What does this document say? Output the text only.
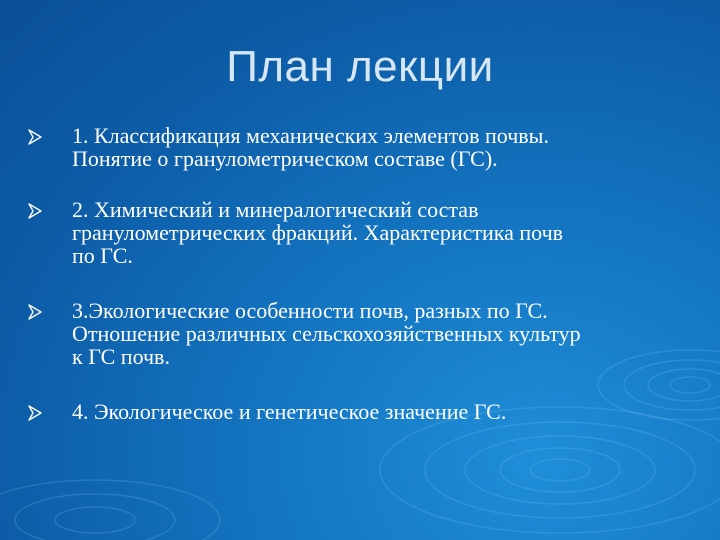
План лекции
1. Классификация механических элементов почвы.
Понятие о гранулометрическом составе (ГС).
2. Химический и минералогический состав
гранулометрических фракций. Характеристика почв
по ГС.
3.Экологические особенности почв, разных по ГС.
Отношение различных сельскохозяйственных культур
к ГС почв.
4. Экологическое и генетическое значение ГС.
